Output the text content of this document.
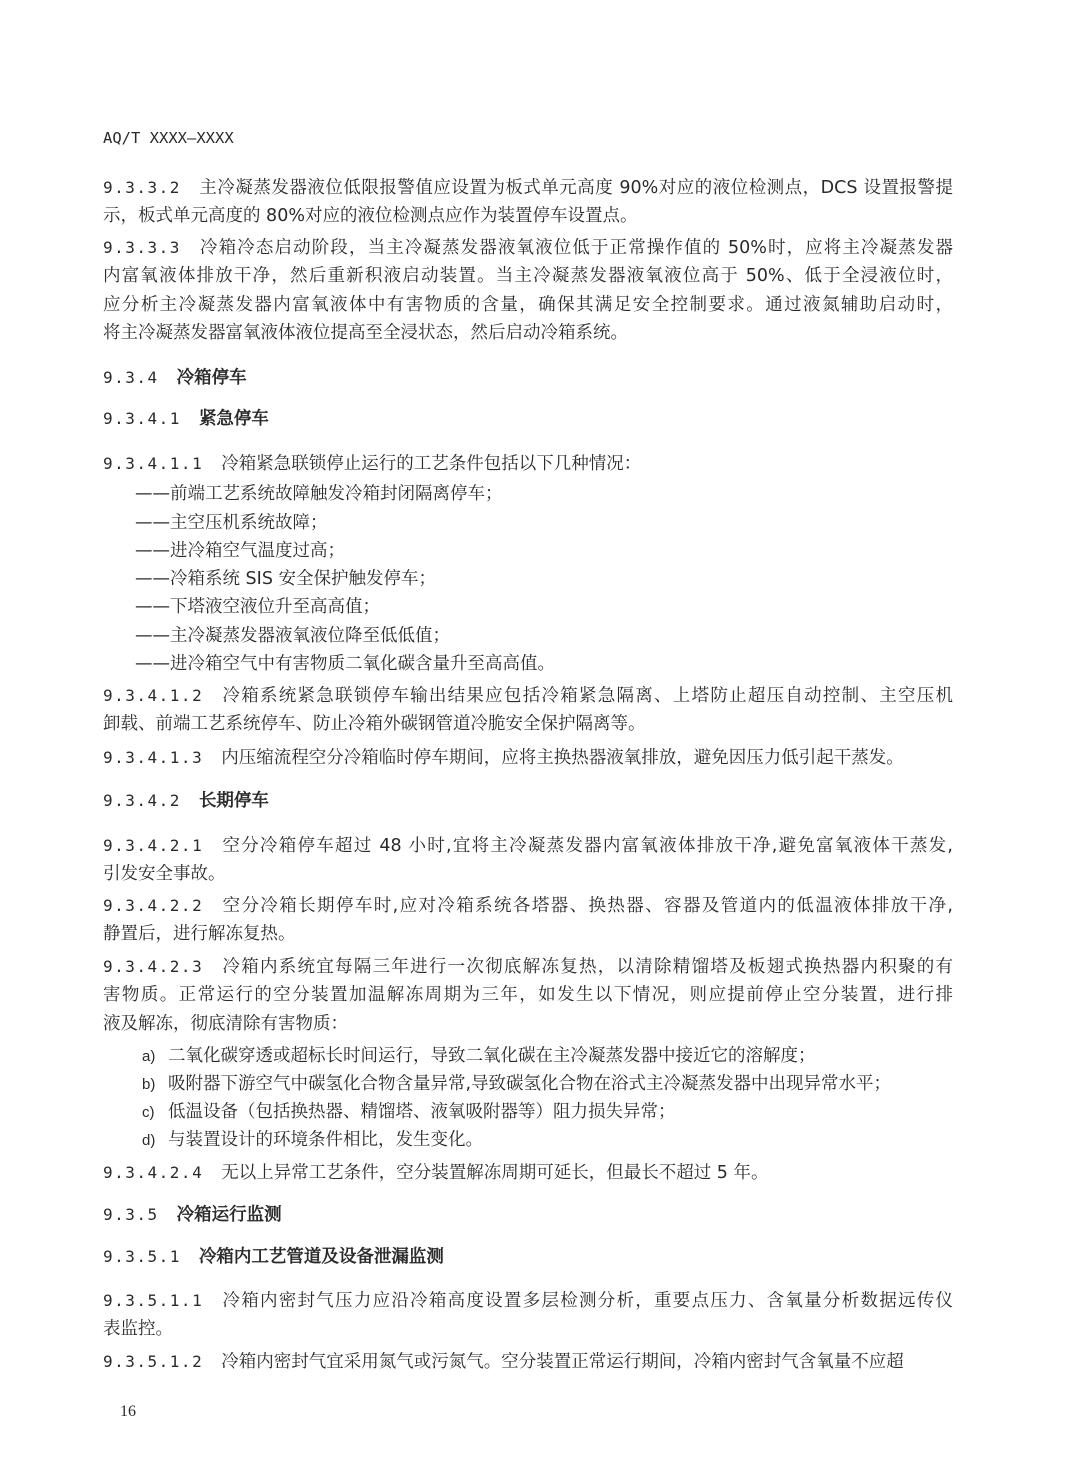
AQ/T XXXX—XXXX
9.3.3.2 主冷凝蒸发器液位低限报警值应设置为板式单元高度 90%对应的液位检测点，DCS 设置报警提
示，板式单元高度的 80%对应的液位检测点应作为装置停车设置点。
9.3.3.3 冷箱冷态启动阶段，当主冷凝蒸发器液氧液位低于正常操作值的 50%时，应将主冷凝蒸发器
内富氧液体排放干净，然后重新积液启动装置。当主冷凝蒸发器液氧液位高于 50%、低于全浸液位时，
应分析主冷凝蒸发器内富氧液体中有害物质的含量，确保其满足安全控制要求。通过液氮辅助启动时，
将主冷凝蒸发器富氧液体液位提高至全浸状态，然后启动冷箱系统。
9.3.4 冷箱停车
9.3.4.1 紧急停车
9.3.4.1.1 冷箱紧急联锁停止运行的工艺条件包括以下几种情况：
——前端工艺系统故障触发冷箱封闭隔离停车；
——主空压机系统故障；
——进冷箱空气温度过高；
——冷箱系统 SIS 安全保护触发停车；
——下塔液空液位升至高高值；
——主冷凝蒸发器液氧液位降至低低值；
——进冷箱空气中有害物质二氧化碳含量升至高高值。
9.3.4.1.2 冷箱系统紧急联锁停车输出结果应包括冷箱紧急隔离、上塔防止超压自动控制、主空压机
卸载、前端工艺系统停车、防止冷箱外碳钢管道冷脆安全保护隔离等。
9.3.4.1.3 内压缩流程空分冷箱临时停车期间，应将主换热器液氧排放，避免因压力低引起干蒸发。
9.3.4.2 长期停车
9.3.4.2.1 空分冷箱停车超过 48 小时,宜将主冷凝蒸发器内富氧液体排放干净,避免富氧液体干蒸发,
引发安全事故。
9.3.4.2.2 空分冷箱长期停车时,应对冷箱系统各塔器、换热器、容器及管道内的低温液体排放干净,
静置后，进行解冻复热。
9.3.4.2.3 冷箱内系统宜每隔三年进行一次彻底解冻复热，以清除精馏塔及板翅式换热器内积聚的有
害物质。正常运行的空分装置加温解冻周期为三年，如发生以下情况，则应提前停止空分装置，进行排
液及解冻，彻底清除有害物质：
a) 二氧化碳穿透或超标长时间运行，导致二氧化碳在主冷凝蒸发器中接近它的溶解度；
b) 吸附器下游空气中碳氢化合物含量异常,导致碳氢化合物在浴式主冷凝蒸发器中出现异常水平；
c) 低温设备（包括换热器、精馏塔、液氧吸附器等）阻力损失异常；
d) 与装置设计的环境条件相比，发生变化。
9.3.4.2.4 无以上异常工艺条件，空分装置解冻周期可延长，但最长不超过 5 年。
9.3.5 冷箱运行监测
9.3.5.1 冷箱内工艺管道及设备泄漏监测
9.3.5.1.1 冷箱内密封气压力应沿冷箱高度设置多层检测分析，重要点压力、含氧量分析数据远传仪
表监控。
9.3.5.1.2 冷箱内密封气宜采用氮气或污氮气。空分装置正常运行期间，冷箱内密封气含氧量不应超
16
